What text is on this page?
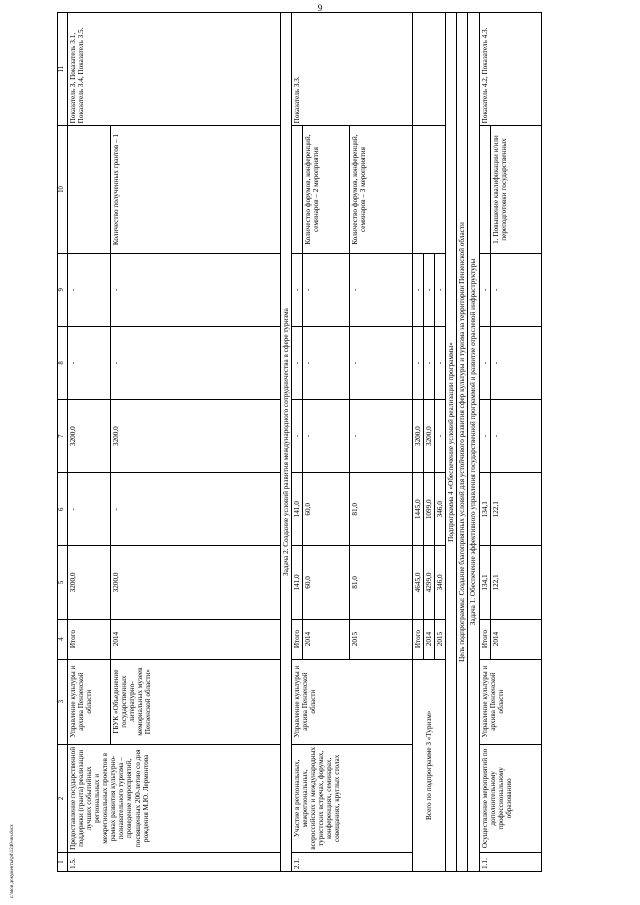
9
1	2	3	4	5	6	7	8	9	10	11
1.5.	Предоставление государственной поддержки (гранта) реализации лучших событийных региональных и межрегиональных проектов в рамках развития культурно-познавательного туризма – проведение мероприятий, посвященных 200-летию со дня рождения М.Ю. Лермонтова	Управление культуры и архива Пензенской области	Итого	3200,0	-	3200,0	-	-		Показатель 3, Показатель 3.1, Показатель 3.4, Показатель 3.5.
		ГБУК «Объединение государственных литературно-мемориальных музеев Пензенской области»	2014	3200,0	-	3200,0	-	-	Количество полученных грантов – 1	
Задача 2. Создание условий развития международного сотрудничества в сфере туризма										
2.1.	Участие в региональных, межрегиональных, всероссийских и международных туристских встречах, форумах, конференциях, семинарах, совещаниях, круглых столах	Управление культуры и архива Пензенской области	Итого	141,0	141,0	-	-	-		Показатель 3.3.
			2014	60,0	60,0	-	-	-	Количество форумов, конференций, семинаров – 2 мероприятия	
			2015	81,0	81,0	-	-	-	Количество форумов, конференций, семинаров – 3 мероприятия	
Всего по подпрограмме 3 «Туризм»			Итого	4645,0	1445,0	3200,0	-	-		
			2014	4299,0	1099,0	3200,0	-	-		
			2015	346,0	346,0	-	-	-		
Подпрограмма 4 «Обеспечение условий реализации программы»										
Цель подпрограммы: Создание благоприятных условий для устойчивого развития сфер культуры и туризма на территории Пензенской области										
Задача 1. Обеспечение эффективного управления государственной программой и развитие отраслевой инфраструктуры										
1.1.	Осуществление мероприятий по дополнительному профессиональному образованию	Управление культуры и архива Пензенской области	Итого	134,1	134,1	-	-	-		Показатель 4.2, Показатель 4.3.
			2014	122,1	122,1	-	-	-	1. Повышение квалификации и/или переподготовки государственных	
c:\мои документы\pd\1240-ин.docx
